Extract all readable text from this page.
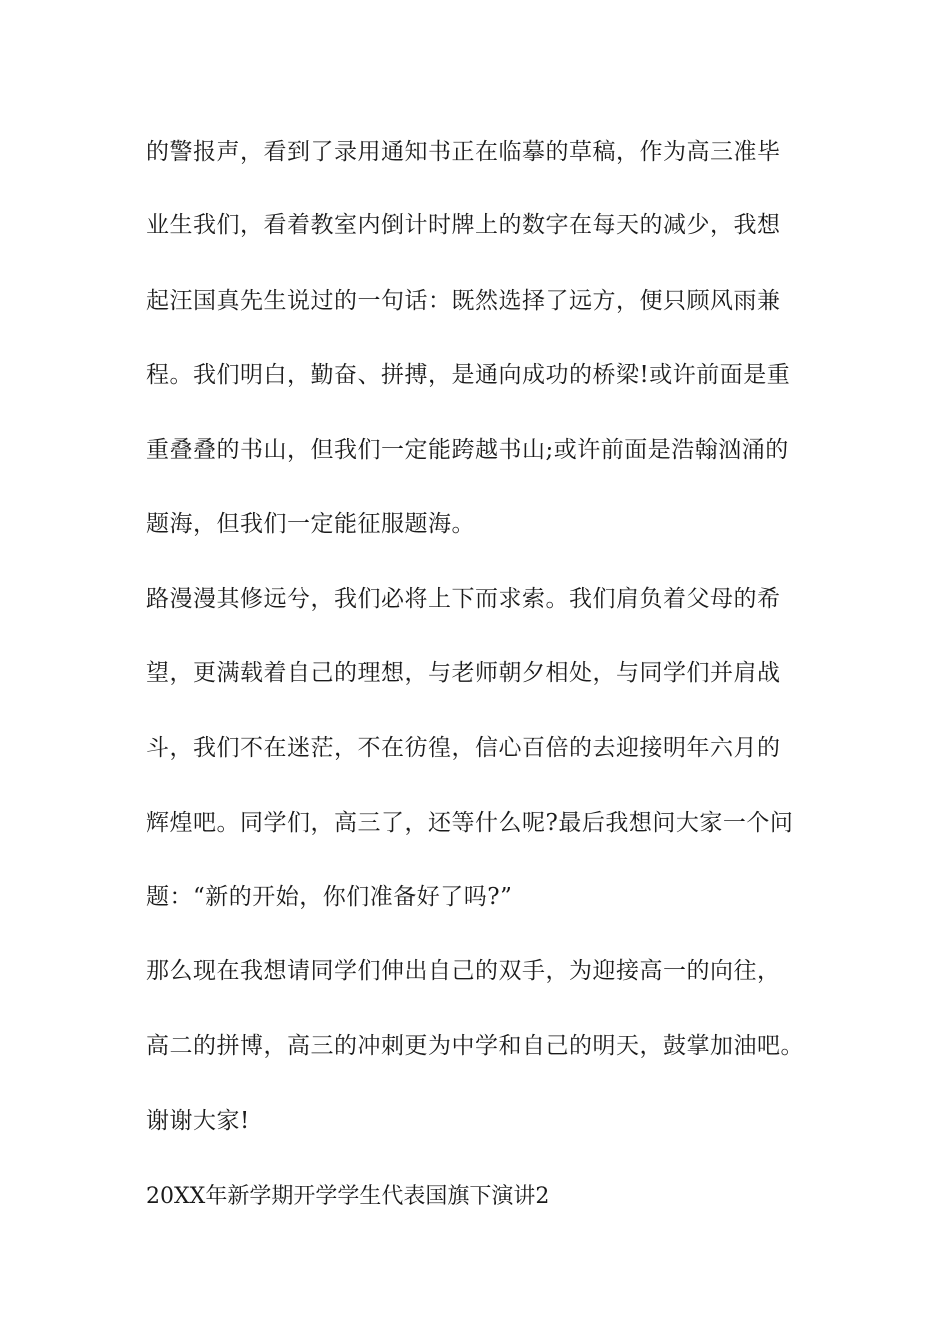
的警报声，看到了录用通知书正在临摹的草稿，作为高三准毕
业生我们，看着教室内倒计时牌上的数字在每天的减少，我想
起汪国真先生说过的一句话：既然选择了远方，便只顾风雨兼
程。我们明白，勤奋、拼搏，是通向成功的桥梁!或许前面是重
重叠叠的书山，但我们一定能跨越书山;或许前面是浩翰汹涌的
题海，但我们一定能征服题海。
路漫漫其修远兮，我们必将上下而求索。我们肩负着父母的希
望，更满载着自己的理想，与老师朝夕相处，与同学们并肩战
斗，我们不在迷茫，不在彷徨，信心百倍的去迎接明年六月的
辉煌吧。同学们，高三了，还等什么呢?最后我想问大家一个问
题：“新的开始，你们准备好了吗?”
那么现在我想请同学们伸出自己的双手，为迎接高一的向往，
高二的拼博，高三的冲刺更为中学和自己的明天，鼓掌加油吧。
谢谢大家!
20XX年新学期开学学生代表国旗下演讲2
